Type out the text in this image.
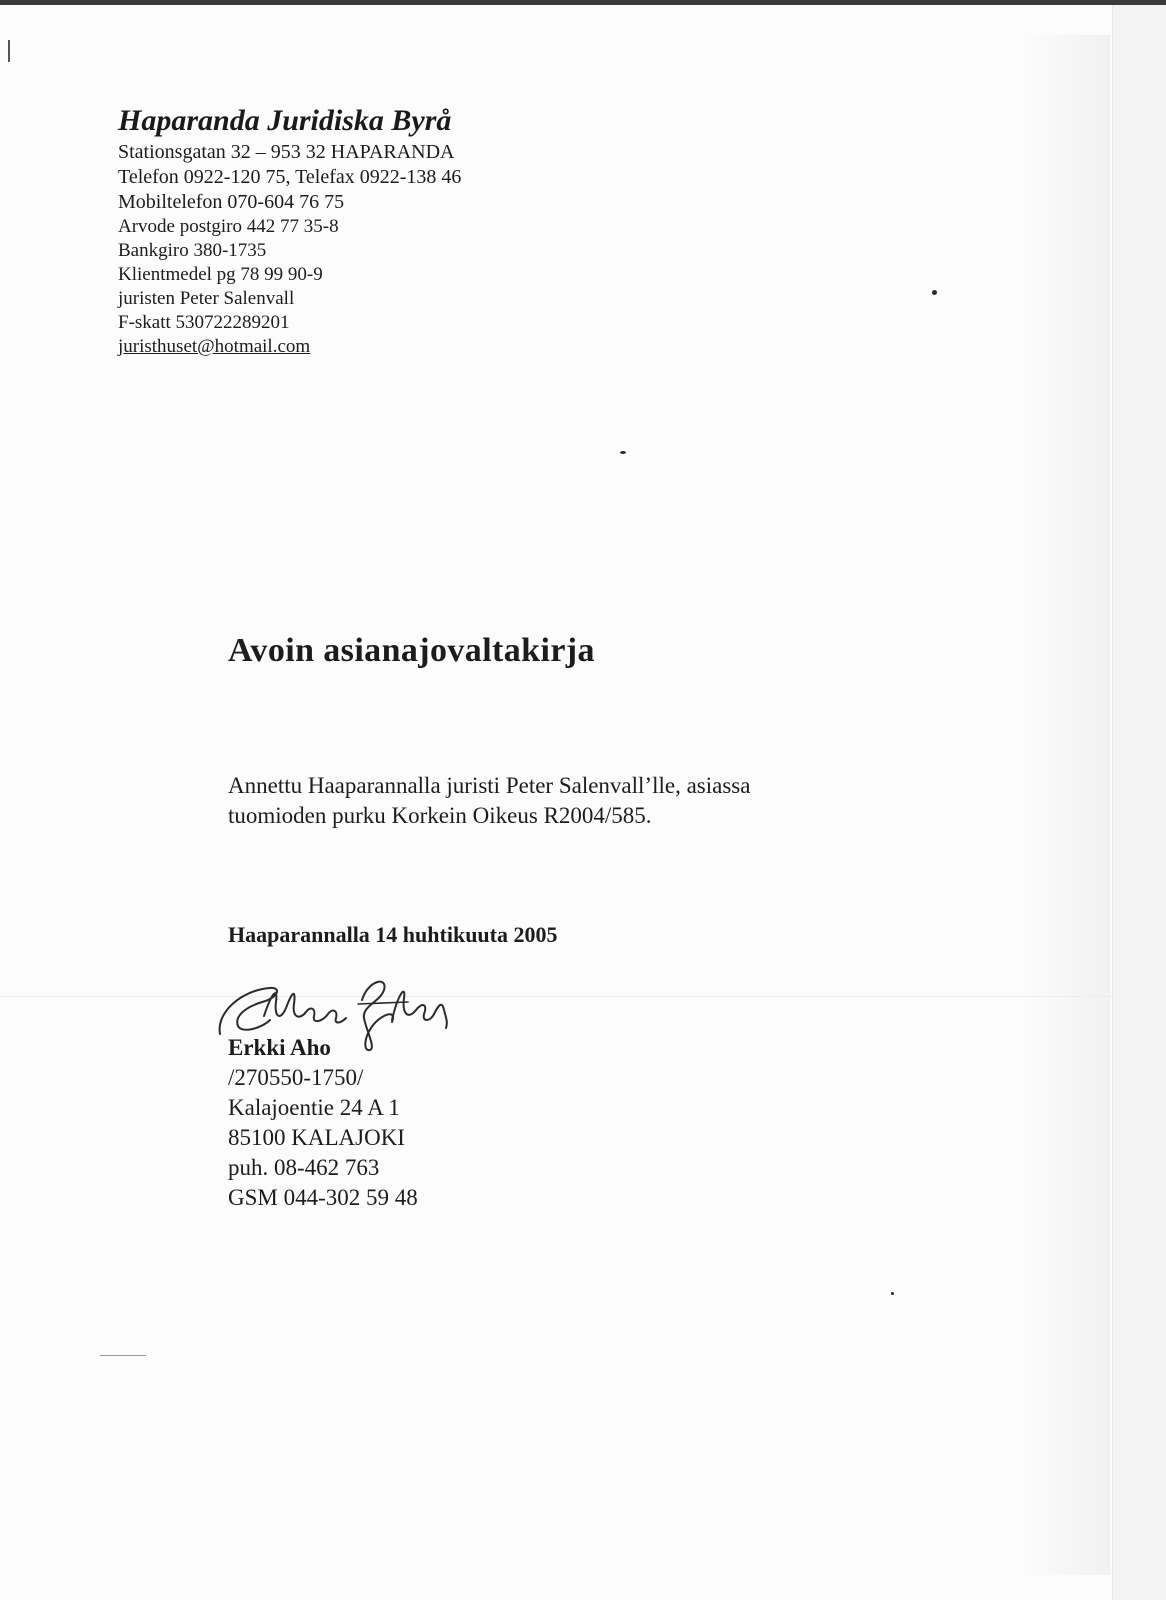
Haparanda Juridiska Byrå
Stationsgatan 32 – 953 32 HAPARANDA
Telefon 0922-120 75, Telefax 0922-138 46
Mobiltelefon 070-604 76 75
Arvode postgiro 442 77 35-8
Bankgiro 380-1735
Klientmedel pg 78 99 90-9
juristen Peter Salenvall
F-skatt 530722289201
juristhuset@hotmail.com
Avoin asianajovaltakirja
Annettu Haaparannalla juristi Peter Salenvall’lle, asiassa
tuomioden purku Korkein Oikeus R2004/585.
Haaparannalla 14 huhtikuuta 2005
Erkki Aho
/270550-1750/
Kalajoentie 24 A 1
85100 KALAJOKI
puh. 08-462 763
GSM 044-302 59 48
